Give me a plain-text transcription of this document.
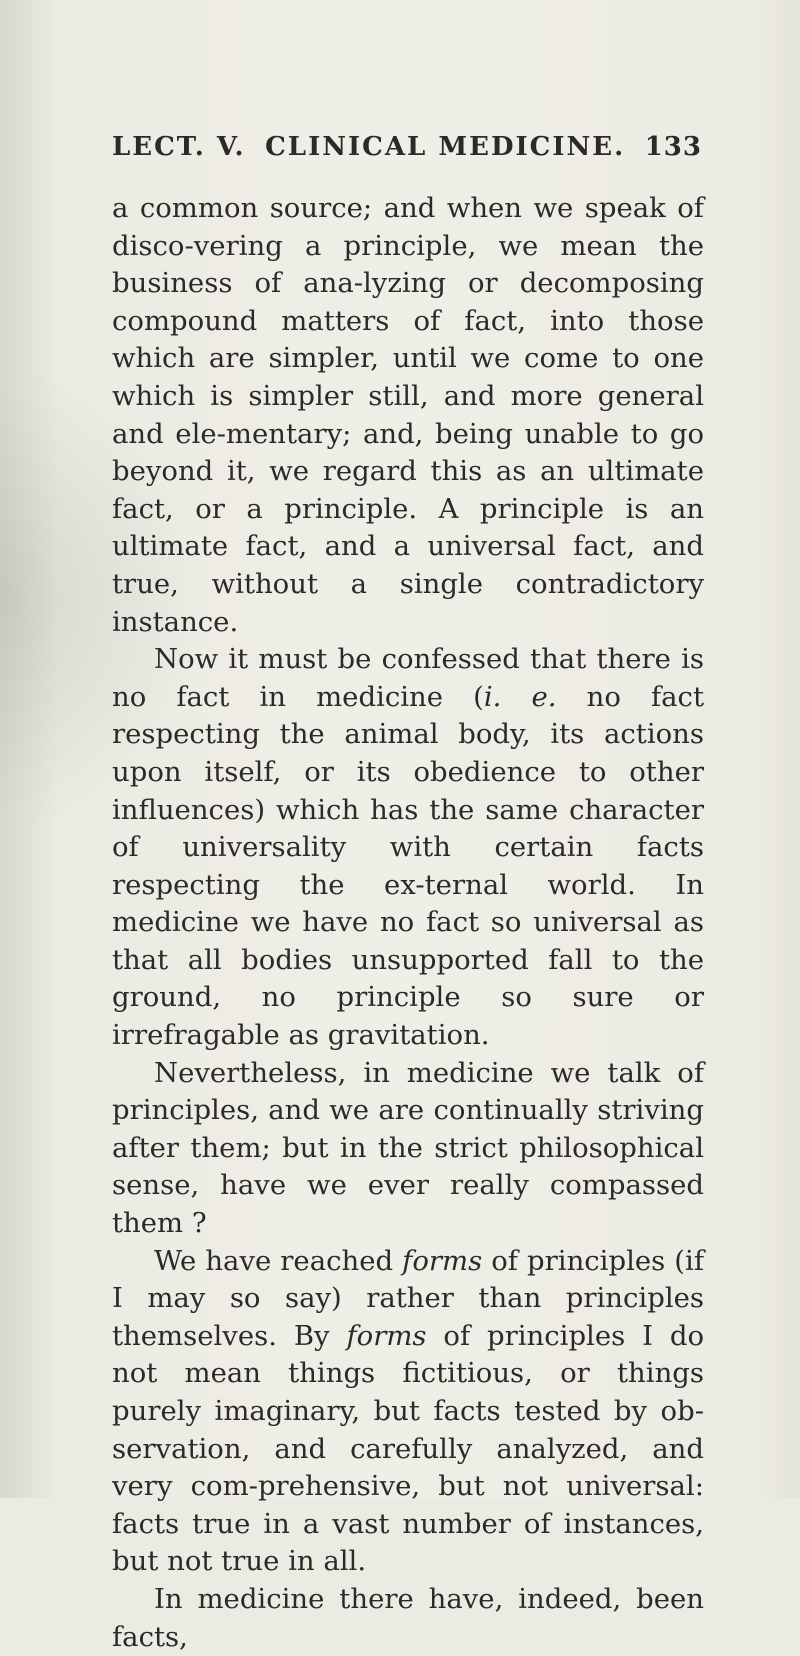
LECT. V. CLINICAL MEDICINE. 133

a common source; and when we speak of disco-vering a principle, we mean the business of ana-lyzing or decomposing compound matters of fact, into those which are simpler, until we come to one which is simpler still, and more general and ele-mentary; and, being unable to go beyond it, we regard this as an ultimate fact, or a principle. A principle is an ultimate fact, and a universal fact, and true, without a single contradictory instance.

Now it must be confessed that there is no fact in medicine (i. e. no fact respecting the animal body, its actions upon itself, or its obedience to other influences) which has the same character of universality with certain facts respecting the ex-ternal world. In medicine we have no fact so universal as that all bodies unsupported fall to the ground, no principle so sure or irrefragable as gravitation.

Nevertheless, in medicine we talk of principles, and we are continually striving after them; but in the strict philosophical sense, have we ever really compassed them ?

We have reached forms of principles (if I may so say) rather than principles themselves. By forms of principles I do not mean things fictitious, or things purely imaginary, but facts tested by ob-servation, and carefully analyzed, and very com-prehensive, but not universal: facts true in a vast number of instances, but not true in all.

In medicine there have, indeed, been facts,
